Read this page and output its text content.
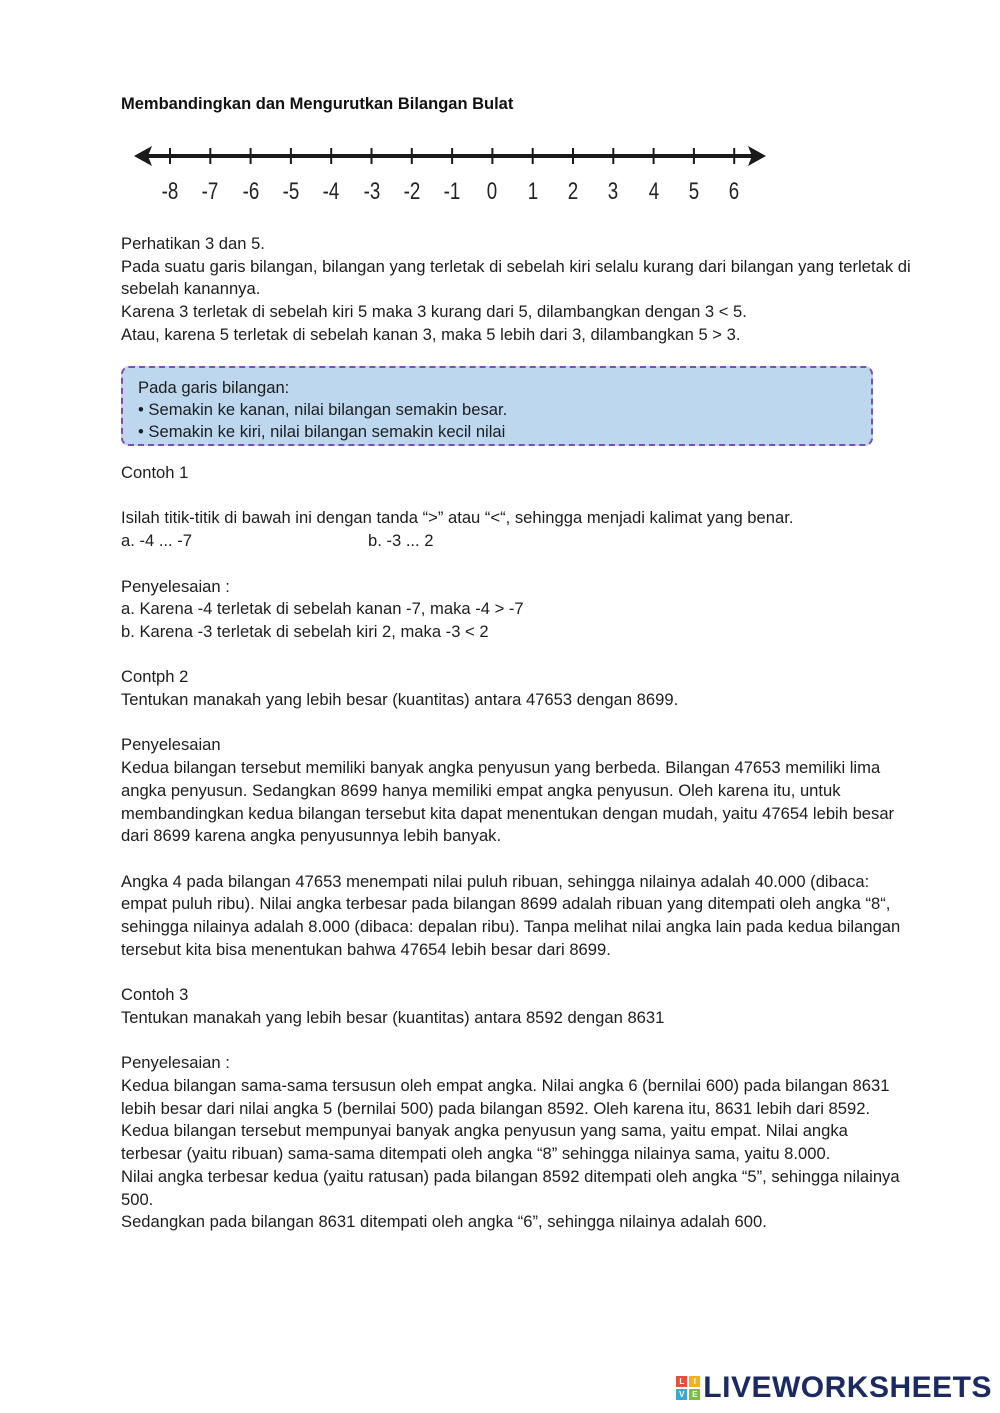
Membandingkan dan Mengurutkan Bilangan Bulat
-8 -7 -6 -5 -4 -3 -2 -1	0	1	2	3	4	5	6

Perhatikan 3 dan 5.

Pada suatu garis bilangan, bilangan yang terletak di sebelah kiri selalu kurang dari bilangan yang terletak di sebelah kanannya.

Karena 3 terletak di sebelah kiri 5 maka 3 kurang dari 5, dilambangkan dengan 3 < 5.

Atau, karena 5 terletak di sebelah kanan 3, maka 5 lebih dari 3, dilambangkan 5 > 3.

Pada garis bilangan:
• Semakin ke kanan, nilai bilangan semakin besar.
• Semakin ke kiri, nilai bilangan semakin kecil nilai

Contoh 1

Isilah titik-titik di bawah ini dengan tanda “>” atau “<“, sehingga menjadi kalimat yang benar.

a. -4 ... -7	b. -3 ... 2

Penyelesaian :

a. Karena -4 terletak di sebelah kanan -7, maka -4 > -7

b. Karena -3 terletak di sebelah kiri 2, maka -3 < 2

Contph 2

Tentukan manakah yang lebih besar (kuantitas) antara 47653 dengan 8699.

Penyelesaian

Kedua bilangan tersebut memiliki banyak angka penyusun yang berbeda. Bilangan 47653 memiliki lima angka penyusun. Sedangkan 8699 hanya memiliki empat angka penyusun. Oleh karena itu, untuk membandingkan kedua bilangan tersebut kita dapat menentukan dengan mudah, yaitu 47654 lebih besar dari 8699 karena angka penyusunnya lebih banyak.

Angka 4 pada bilangan 47653 menempati nilai puluh ribuan, sehingga nilainya adalah 40.000 (dibaca: empat puluh ribu). Nilai angka terbesar pada bilangan 8699 adalah ribuan yang ditempati oleh angka “8“, sehingga nilainya adalah 8.000 (dibaca: depalan ribu). Tanpa melihat nilai angka lain pada kedua bilangan tersebut kita bisa menentukan bahwa 47654 lebih besar dari 8699.

Contoh 3

Tentukan manakah yang lebih besar (kuantitas) antara 8592 dengan 8631

Penyelesaian :

Kedua bilangan sama-sama tersusun oleh empat angka. Nilai angka 6 (bernilai 600) pada bilangan 8631 lebih besar dari nilai angka 5 (bernilai 500) pada bilangan 8592. Oleh karena itu, 8631 lebih dari 8592.

Kedua bilangan tersebut mempunyai banyak angka penyusun yang sama, yaitu empat. Nilai angka terbesar (yaitu ribuan) sama-sama ditempati oleh angka “8” sehingga nilainya sama, yaitu 8.000.

Nilai angka terbesar kedua (yaitu ratusan) pada bilangan 8592 ditempati oleh angka “5”, sehingga nilainya 500.

Sedangkan pada bilangan 8631 ditempati oleh angka “6”, sehingga nilainya adalah 600.

L	I
V E LIVEWORKSHEETS
